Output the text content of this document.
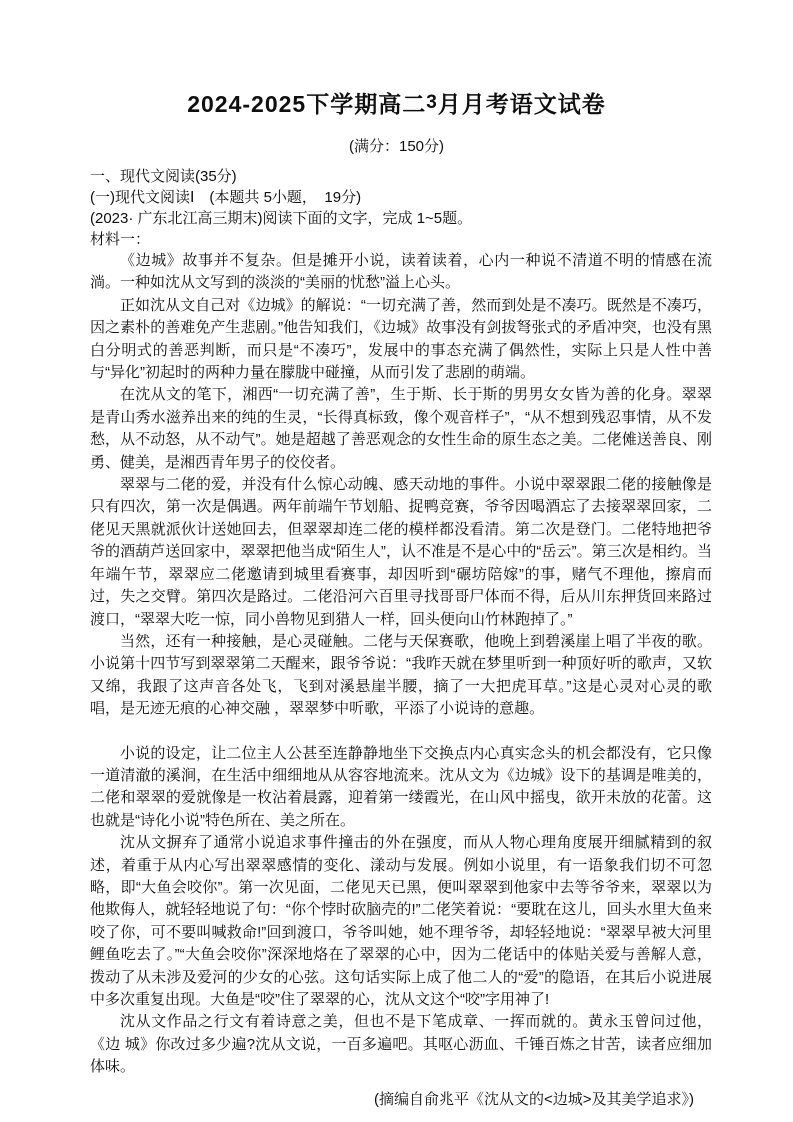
2024-2025下学期高二3月月考语文试卷
(满分：150分)

一、现代文阅读(35分)

(一)现代文阅读Ⅰ　(本题共 5小题，　19分)

(2023· 广东北江高三期末)阅读下面的文字，完成 1~5题。

材料一：

《边城》故事并不复杂。但是摊开小说，读着读着，心内一种说不清道不明的情感在流淌。一种如沈从文写到的淡淡的“美丽的忧愁”溢上心头。

正如沈从文自己对《边城》的解说：“一切充满了善，然而到处是不凑巧。既然是不凑巧，因之素朴的善难免产生悲剧。”他告知我们，《边城》故事没有剑拔弩张式的矛盾冲突，也没有黑白分明式的善恶判断，而只是“不凑巧”，发展中的事态充满了偶然性，实际上只是人性中善与“异化”初起时的两种力量在朦胧中碰撞，从而引发了悲剧的萌端。

在沈从文的笔下，湘西“一切充满了善”，生于斯、长于斯的男男女女皆为善的化身。翠翠是青山秀水滋养出来的纯的生灵，“长得真标致，像个观音样子”，“从不想到残忍事情，从不发愁，从不动怒，从不动气”。她是超越了善恶观念的女性生命的原生态之美。二佬傩送善良、刚勇、健美，是湘西青年男子的佼佼者。

翠翠与二佬的爱，并没有什么惊心动魄、感天动地的事件。小说中翠翠跟二佬的接触像是只有四次，第一次是偶遇。两年前端午节划船、捉鸭竞赛，爷爷因喝酒忘了去接翠翠回家，二佬见天黑就派伙计送她回去，但翠翠却连二佬的模样都没看清。第二次是登门。二佬特地把爷爷的酒葫芦送回家中，翠翠把他当成“陌生人”，认不准是不是心中的“岳云”。第三次是相约。当年端午节，翠翠应二佬邀请到城里看赛事，却因听到“碾坊陪嫁”的事，赌气不理他，擦肩而过，失之交臂。第四次是路过。二佬沿河六百里寻找哥哥尸体而不得，后从川东押货回来路过渡口，“翠翠大吃一惊，同小兽物见到猎人一样，回头便向山竹林跑掉了。”

当然，还有一种接触，是心灵碰触。二佬与天保赛歌，他晚上到碧溪崖上唱了半夜的歌。小说第十四节写到翠翠第二天醒来，跟爷爷说：“我昨天就在梦里听到一种顶好听的歌声，又软又绵，我跟了这声音各处飞，飞到对溪悬崖半腰，摘了一大把虎耳草。”这是心灵对心灵的歌唱，是无迹无痕的心神交融 ，翠翠梦中听歌，平添了小说诗的意趣。

小说的设定，让二位主人公甚至连静静地坐下交换点内心真实念头的机会都没有，它只像一道清澈的溪涧，在生活中细细地从从容容地流来。沈从文为《边城》设下的基调是唯美的，二佬和翠翠的爱就像是一枚沾着晨露，迎着第一缕霞光，在山风中摇曳，欲开未放的花蕾。这也就是“诗化小说”特色所在、美之所在。

沈从文摒弃了通常小说追求事件撞击的外在强度，而从人物心理角度展开细腻精到的叙述，着重于从内心写出翠翠感情的变化、漾动与发展。例如小说里，有一语象我们切不可忽略，即“大鱼会咬你”。第一次见面，二佬见天已黑，便叫翠翠到他家中去等爷爷来，翠翠以为他欺侮人，就轻轻地说了句：“你个悖时砍脑壳的!”二佬笑着说：“要耽在这儿，回头水里大鱼来咬了你，可不要叫喊救命!”回到渡口，爷爷叫她，她不理爷爷，却轻轻地说：“翠翠早被大河里鲤鱼吃去了。”“大鱼会咬你”深深地烙在了翠翠的心中，因为二佬话中的体贴关爱与善解人意，拨动了从未涉及爱河的少女的心弦。这句话实际上成了他二人的“爱”的隐语，在其后小说进展中多次重复出现。大鱼是“咬”住了翠翠的心，沈从文这个“咬”字用神了!

沈从文作品之行文有着诗意之美，但也不是下笔成章、一挥而就的。黄永玉曾问过他，《边 城》你改过多少遍?沈从文说，一百多遍吧。其呕心沥血、千锤百炼之甘苦，读者应细加体味。

(摘编自俞兆平《沈从文的<边城>及其美学追求》)
